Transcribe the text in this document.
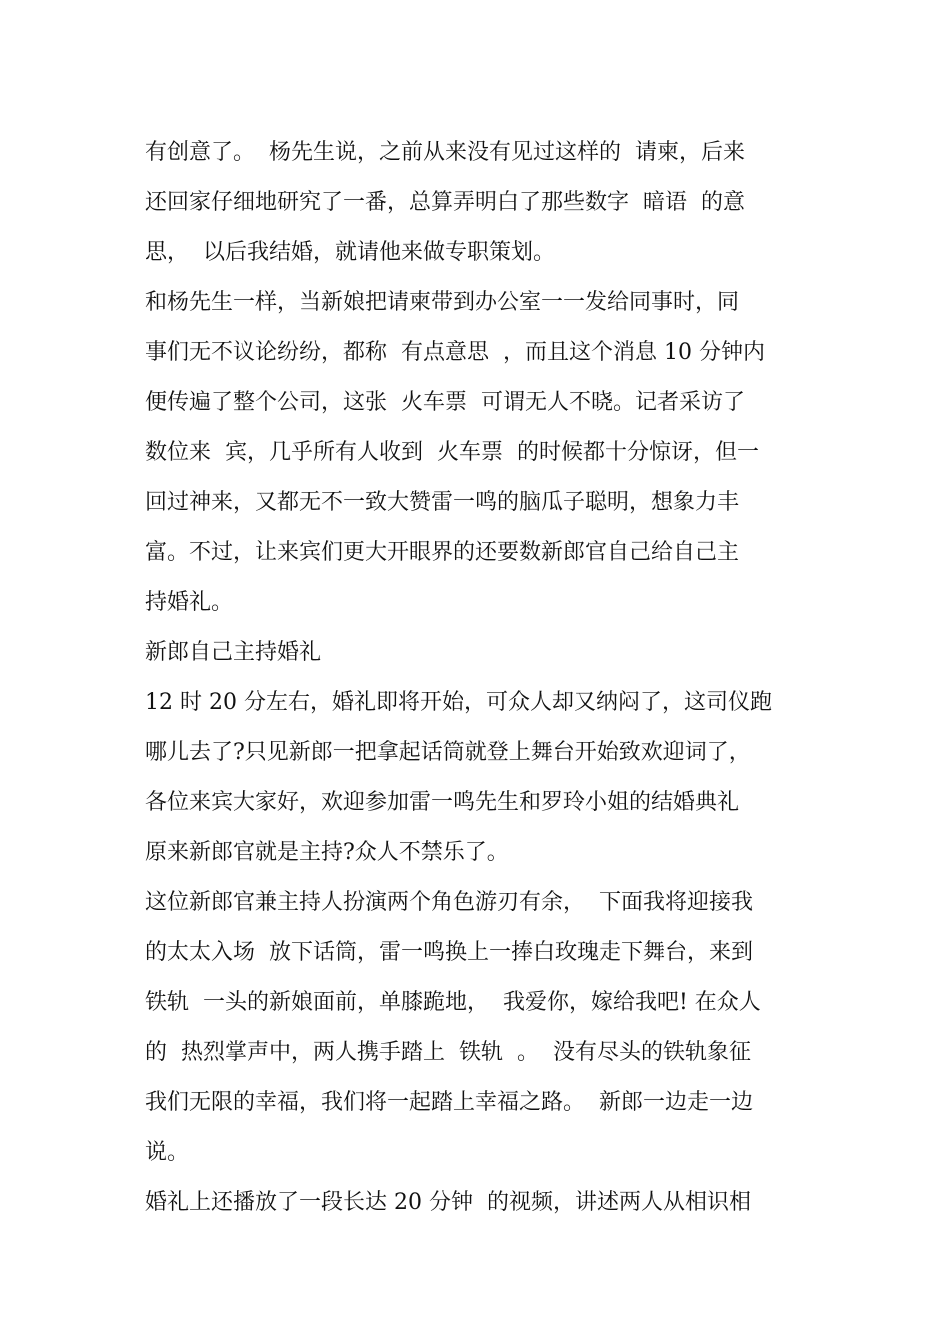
有创意了。  杨先生说，之前从来没有见过这样的  请柬，后来
还回家仔细地研究了一番，总算弄明白了那些数字  暗语  的意
思，  以后我结婚，就请他来做专职策划。
和杨先生一样，当新娘把请柬带到办公室一一发给同事时，同
事们无不议论纷纷，都称  有点意思  ，而且这个消息 10 分钟内
便传遍了整个公司，这张  火车票  可谓无人不晓。记者采访了
数位来  宾，几乎所有人收到  火车票  的时候都十分惊讶，但一
回过神来，又都无不一致大赞雷一鸣的脑瓜子聪明，想象力丰
富。不过，让来宾们更大开眼界的还要数新郎官自己给自己主
持婚礼。
新郎自己主持婚礼
12 时 20 分左右，婚礼即将开始，可众人却又纳闷了，这司仪跑
哪儿去了?只见新郎一把拿起话筒就登上舞台开始致欢迎词了，
各位来宾大家好，欢迎参加雷一鸣先生和罗玲小姐的结婚典礼
原来新郎官就是主持?众人不禁乐了。
这位新郎官兼主持人扮演两个角色游刃有余，  下面我将迎接我
的太太入场  放下话筒，雷一鸣换上一捧白玫瑰走下舞台，来到
铁轨  一头的新娘面前，单膝跪地，  我爱你，嫁给我吧! 在众人
的  热烈掌声中，两人携手踏上  铁轨  。  没有尽头的铁轨象征
我们无限的幸福，我们将一起踏上幸福之路。  新郎一边走一边
说。
婚礼上还播放了一段长达 20 分钟  的视频，讲述两人从相识相
